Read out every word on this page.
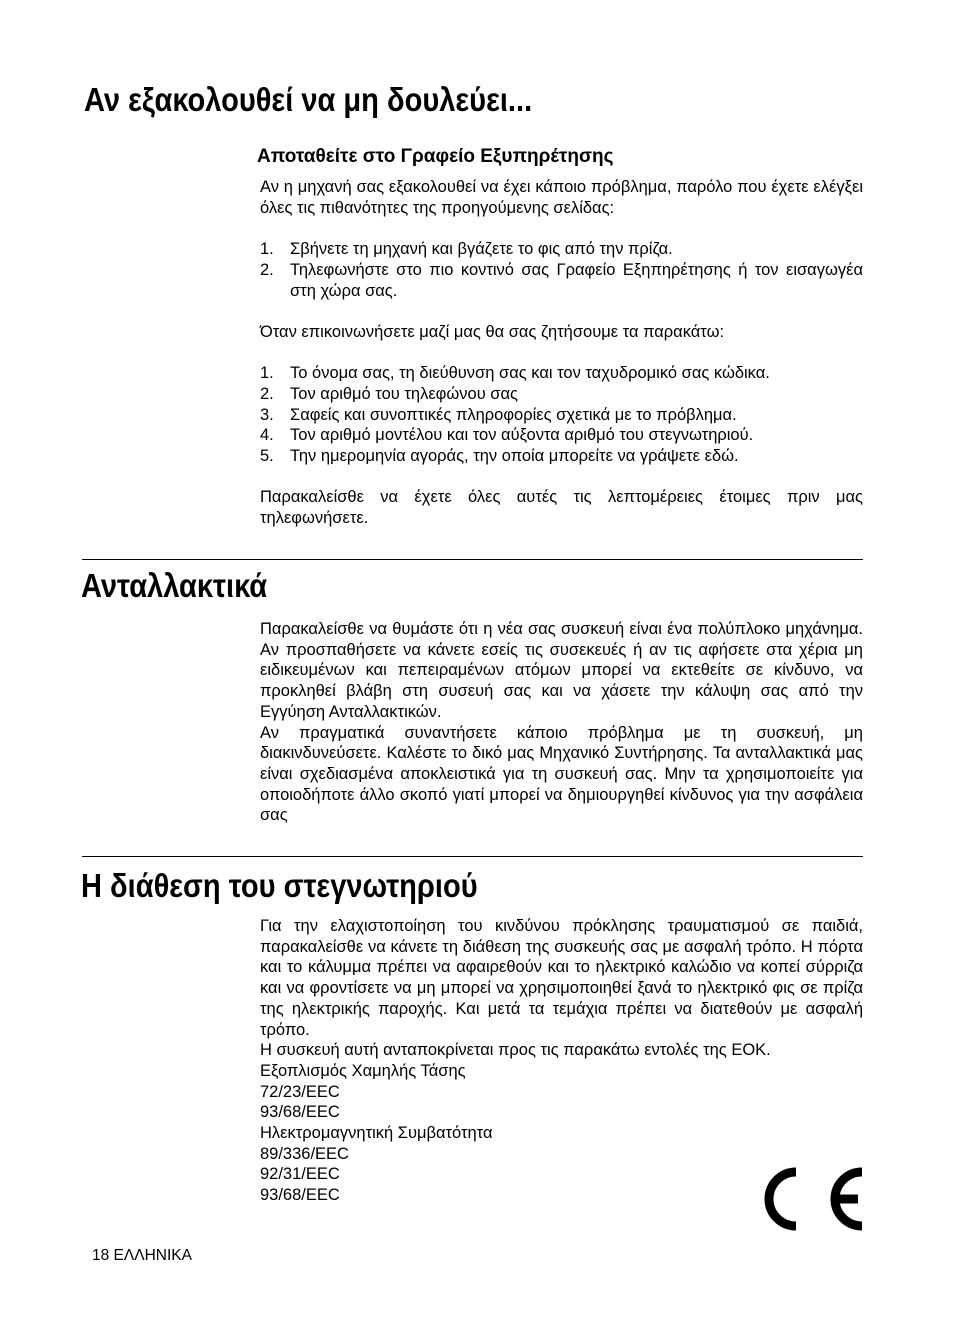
Αν εξακολουθεί να μη δουλεύει...
Αποταθείτε στο Γραφείο Εξυπηρέτησης

Αν η μηχανή σας εξακολουθεί να έχει κάποιο πρόβλημα, παρόλο που έχετε ελέγξει όλες τις πιθανότητες της προηγούμενης σελίδας:

1. Σβήνετε τη μηχανή και βγάζετε το φις από την πρίζα.
2. Τηλεφωνήστε στο πιο κοντινό σας Γραφείο Εξηπηρέτησης ή τον εισαγωγέα στη χώρα σας.

Όταν επικοινωνήσετε μαζί μας θα σας ζητήσουμε τα παρακάτω:

1. Το όνομα σας, τη διεύθυνση σας και τον ταχυδρομικό σας κώδικα.
2. Τον αριθμό του τηλεφώνου σας
3. Σαφείς και συνοπτικές πληροφορίες σχετικά με το πρόβλημα.
4. Τον αριθμό μοντέλου και τον αύξοντα αριθμό του στεγνωτηριού.
5. Την ημερομηνία αγοράς, την οποία μπορείτε να γράψετε εδώ.

Παρακαλείσθε να έχετε όλες αυτές τις λεπτομέρειες έτοιμες πριν μας τηλεφωνήσετε.

Ανταλλακτικά

Παρακαλείσθε να θυμάστε ότι η νέα σας συσκευή είναι ένα πολύπλοκο μηχάνημα. Αν προσπαθήσετε να κάνετε εσείς τις συσεκευές ή αν τις αφήσετε στα χέρια μη ειδικευμένων και πεπειραμένων ατόμων μπορεί να εκτεθείτε σε κίνδυνο, να προκληθεί βλάβη στη συσευή σας και να χάσετε την κάλυψη σας από την Εγγύηση Ανταλλακτικών.

Αν πραγματικά συναντήσετε κάποιο πρόβλημα με τη συσκευή, μη διακινδυνεύσετε. Καλέστε το δικό μας Μηχανικό Συντήρησης. Τα ανταλλακτικά μας είναι σχεδιασμένα αποκλειστικά για τη συσκευή σας. Μην τα χρησιμοποιείτε για οποιοδήποτε άλλο σκοπό γιατί μπορεί να δημιουργηθεί κίνδυνος για την ασφάλεια σας

Η διάθεση του στεγνωτηριού

Για την ελαχιστοποίηση του κινδύνου πρόκλησης τραυματισμού σε παιδιά, παρακαλείσθε να κάνετε τη διάθεση της συσκευής σας με ασφαλή τρόπο. Η πόρτα και το κάλυμμα πρέπει να αφαιρεθούν και το ηλεκτρικό καλώδιο να κοπεί σύρριζα και να φροντίσετε να μη μπορεί να χρησιμοποιηθεί ξανά το ηλεκτρικό φις σε πρίζα της ηλεκτρικής παροχής. Και μετά τα τεμάχια πρέπει να διατεθούν με ασφαλή τρόπο.

Η συσκευή αυτή ανταποκρίνεται προς τις παρακάτω εντολές της ΕΟΚ.

Εξοπλισμός Χαμηλής Τάσης
72/23/EEC
93/68/EEC
Ηλεκτρομαγνητική Συμβατότητα
89/336/EEC
92/31/EEC
93/68/EEC
18 ΕΛΛΗΝΙΚΑ
